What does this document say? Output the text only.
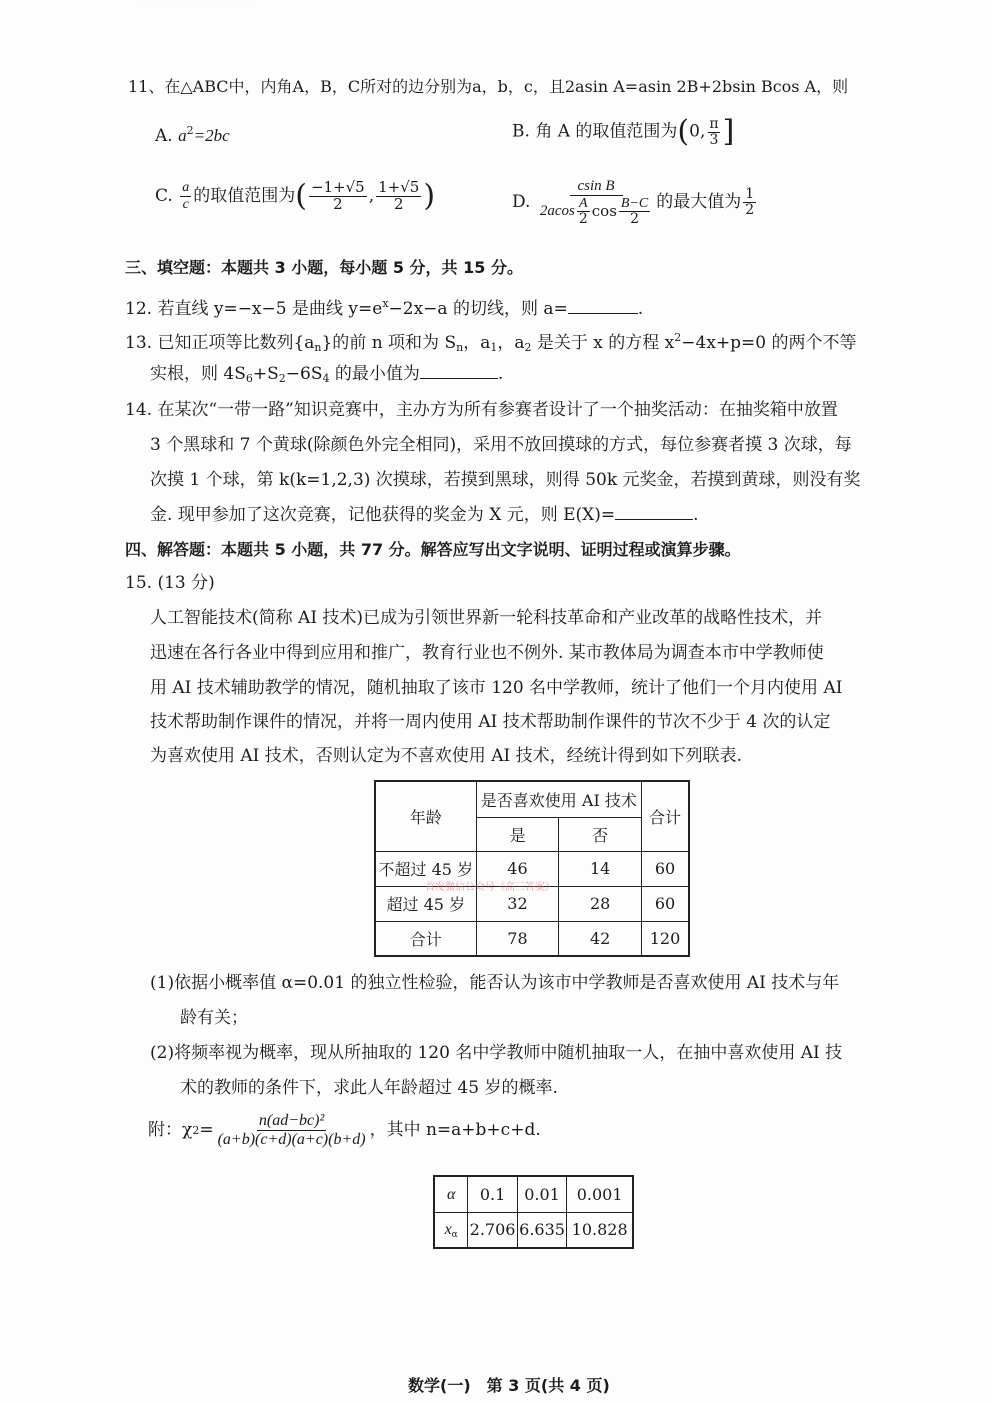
11、在△ABC中，内角A，B，C所对的边分别为a，b，c，且2asin A=asin 2B+2bsin Bcos A，则
11、在△ABC 中，内角 A,B,C 所对的边分别为 a,b,c，且 2asin A=asin 2B+2bsin Bcos A，则
A. $a^2=2bc$	B. 角 A 的取值范围为(0, $\frac{\pi}{3}$ ]
C. $\frac{a}{c}$ 的取值范围为( $\frac{-1+√5}{2}$ , $\frac{1+√5}{2}$ )	D. $\frac{\text{csin B}}{2acos \frac{A}{2} \cos \frac{B-C}{2}}$ 的最大值为 $\frac{1}{2}$
三、填空题：本题共 3 小题，每小题 5 分，共 15 分。
12. 若直线 y=−x−5 是曲线 $y=e^x-2x-a$ 的切线，则 a=	.
13. 已知正项等比数列$\{a_n\}$的前 n 项和为 $S_n$，$a_1$，$a_2$ 是关于 x 的方程 $x^2-4x+p=0$ 的两个不等
实根，则 $4S_6+S_2-6S_4$ 的最小值为	.
14. 在某次“一带一路”知识竞赛中，主办方为所有参赛者设计了一个抽奖活动：在抽奖箱中放置
3 个黑球和 7 个黄球(除颜色外完全相同)，采用不放回摸球的方式，每位参赛者摸 3 次球，每
次摸 1 个球，第 k(k=1,2,3) 次摸球，若摸到黑球，则得 50k 元奖金，若摸到黄球，则没有奖
金. 现甲参加了这次竞赛，记他获得的奖金为 X 元，则 E(X)=	.
四、解答题：本题共 5 小题，共 77 分。解答应写出文字说明、证明过程或演算步骤。
15. (13 分)
人工智能技术(简称 AI 技术)已成为引领世界新一轮科技革命和产业改革的战略性技术，并
迅速在各行各业中得到应用和推广，教育行业也不例外. 某市教体局为调查本市中学教师使
用 AI 技术辅助教学的情况，随机抽取了该市 120 名中学教师，统计了他们一个月内使用 AI
技术帮助制作课件的情况，并将一周内使用 AI 技术帮助制作课件的节次不少于 4 次的认定
为喜欢使用 AI 技术，否则认定为不喜欢使用 AI 技术，经统计得到如下列联表.
年龄	是否喜欢使用 AI 技术		合计
	是	否	
不超过 45 岁	46	14	60
超过 45 岁	32	28	60
合计	78	42	120
首发微信公众号《高三答案》
(1)依据小概率值 α=0.01 的独立性检验，能否认为该市中学教师是否喜欢使用 AI 技术与年
龄有关；
(2)将频率视为概率，现从所抽取的 120 名中学教师中随机抽取一人，在抽中喜欢使用 AI 技
术的教师的条件下，求此人年龄超过 45 岁的概率.
附：χ $2 = \frac{\text{n(ad−bc)²}}{(a+b)(c+d)(a+c)(b+d)}$ ，其中 n=a+b+c+d.
α	0.1	0.01	0.001
$x_\alpha$	2.706	6.635	10.828
数学(一)　第 3 页(共 4 页)
